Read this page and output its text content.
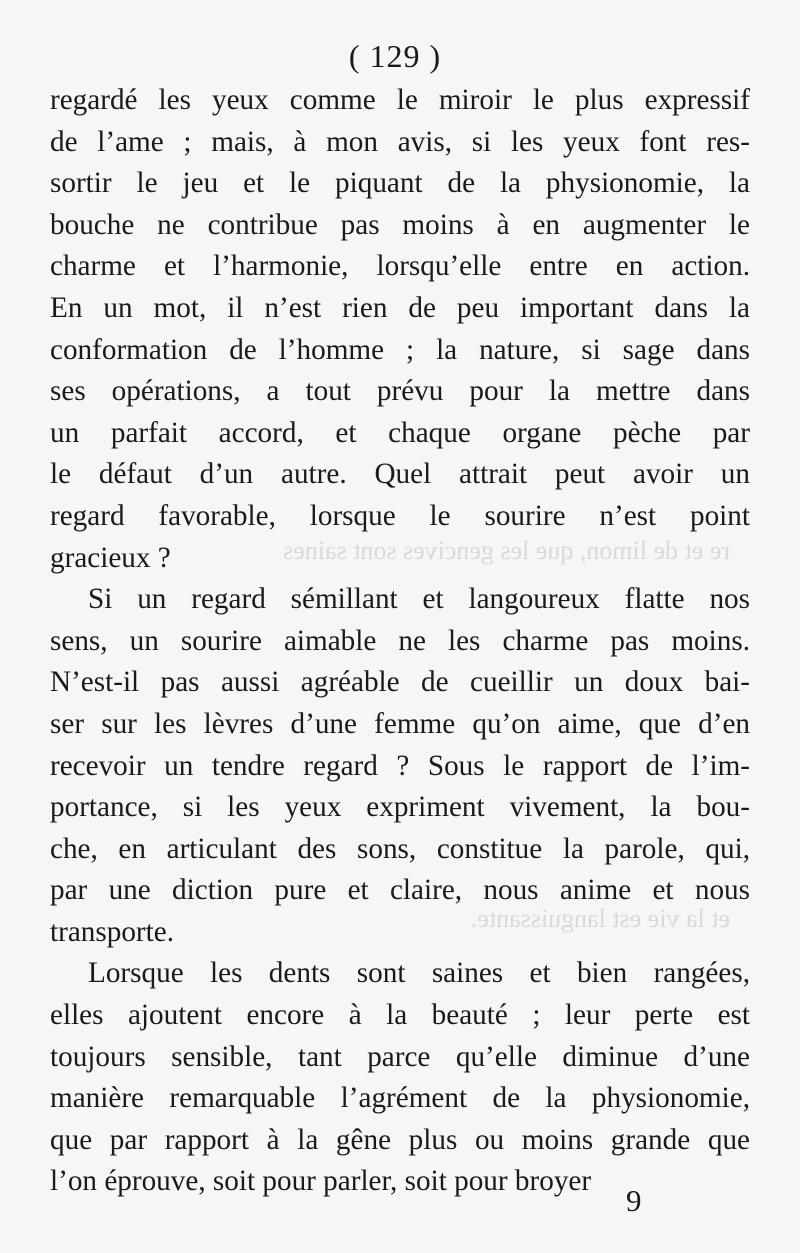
re et de limon, que les gencives sont saines
et la vie est languissante.
( 129 )
regardé les yeux comme le miroir le plus expressif
de l’ame ; mais, à mon avis, si les yeux font res-
sortir le jeu et le piquant de la physionomie, la
bouche ne contribue pas moins à en augmenter le
charme et l’harmonie, lorsqu’elle entre en action.
En un mot, il n’est rien de peu important dans la
conformation de l’homme ; la nature, si sage dans
ses opérations, a tout prévu pour la mettre dans
un parfait accord, et chaque organe pèche par
le défaut d’un autre. Quel attrait peut avoir un
regard favorable, lorsque le sourire n’est point
gracieux ?
Si un regard sémillant et langoureux flatte nos
sens, un sourire aimable ne les charme pas moins.
N’est-il pas aussi agréable de cueillir un doux bai-
ser sur les lèvres d’une femme qu’on aime, que d’en
recevoir un tendre regard ? Sous le rapport de l’im-
portance, si les yeux expriment vivement, la bou-
che, en articulant des sons, constitue la parole, qui,
par une diction pure et claire, nous anime et nous
transporte.
Lorsque les dents sont saines et bien rangées,
elles ajoutent encore à la beauté ; leur perte est
toujours sensible, tant parce qu’elle diminue d’une
manière remarquable l’agrément de la physionomie,
que par rapport à la gêne plus ou moins grande que
l’on éprouve, soit pour parler, soit pour broyer
9
